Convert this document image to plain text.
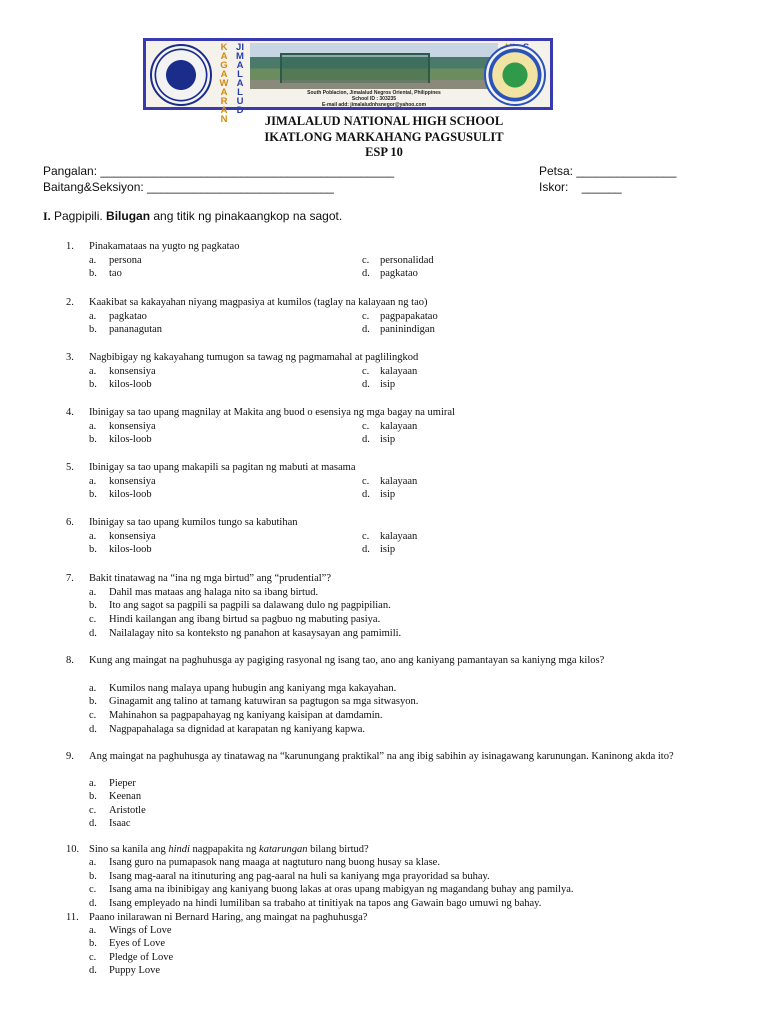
KAGAWARAN
JIMALALUD
South Poblacion, Jimalalud Negros Oriental, Philippines
School ID : 303235
E-mail add: jimalaludnhsnegor@yahoo.com
JIMALALUD NATIONAL HIGH SCHOOL
IKATLONG MARKAHANG PAGSUSULIT
ESP 10
Pangalan: ____________________________________________	Petsa: _______________
Baitang&Seksiyon: ____________________________	Iskor: ______
I. Pagpipili. Bilugan ang titik ng pinakaangkop na sagot.
1. Pinakamataas na yugto ng pagkatao
a. persona	c. personalidad
b. tao	d. pagkatao
2. Kaakibat sa kakayahan niyang magpasiya at kumilos (taglay na kalayaan ng tao)
a. pagkatao	c. pagpapakatao
b. pananagutan	d. paninindigan
3. Nagbibigay ng kakayahang tumugon sa tawag ng pagmamahal at paglilingkod
a. konsensiya	c. kalayaan
b. kilos-loob	d. isip
4. Ibinigay sa tao upang magnilay at Makita ang buod o esensiya ng mga bagay na umiral
a. konsensiya	c. kalayaan
b. kilos-loob	d. isip
5. Ibinigay sa tao upang makapili sa pagitan ng mabuti at masama
a. konsensiya	c. kalayaan
b. kilos-loob	d. isip
6. Ibinigay sa tao upang kumilos tungo sa kabutihan
a. konsensiya	c. kalayaan
b. kilos-loob	d. isip
7. Bakit tinatawag na “ina ng mga birtud” ang “prudential”?
a. Dahil mas mataas ang halaga nito sa ibang birtud.
b. Ito ang sagot sa pagpili sa pagpili sa dalawang dulo ng pagpipilian.
c. Hindi kailangan ang ibang birtud sa pagbuo ng mabuting pasiya.
d. Nailalagay nito sa konteksto ng panahon at kasaysayan ang pamimili.
8. Kung ang maingat na paghuhusga ay pagiging rasyonal ng isang tao, ano ang kaniyang pamantayan sa kaniyng mga kilos?
a. Kumilos nang malaya upang hubugin ang kaniyang mga kakayahan.
b. Ginagamit ang talino at tamang katuwiran sa pagtugon sa mga sitwasyon.
c. Mahinahon sa pagpapahayag ng kaniyang kaisipan at damdamin.
d. Nagpapahalaga sa dignidad at karapatan ng kaniyang kapwa.
9. Ang maingat na paghuhusga ay tinatawag na “karunungang praktikal” na ang ibig sabihin ay isinagawang karunungan. Kaninong akda ito?
a. Pieper
b. Keenan
c. Aristotle
d. Isaac
10. Sino sa kanila ang hindi nagpapakita ng katarungan bilang birtud?
a. Isang guro na pumapasok nang maaga at nagtuturo nang buong husay sa klase.
b. Isang mag-aaral na itinuturing ang pag-aaral na huli sa kaniyang mga prayoridad sa buhay.
c. Isang ama na ibinibigay ang kaniyang buong lakas at oras upang mabigyan ng magandang buhay ang pamilya.
d. Isang empleyado na hindi lumiliban sa trabaho at tinitiyak na tapos ang Gawain bago umuwi ng bahay.
11. Paano inilarawan ni Bernard Haring, ang maingat na paghuhusga?
a. Wings of Love
b. Eyes of Love
c. Pledge of Love
d. Puppy Love
